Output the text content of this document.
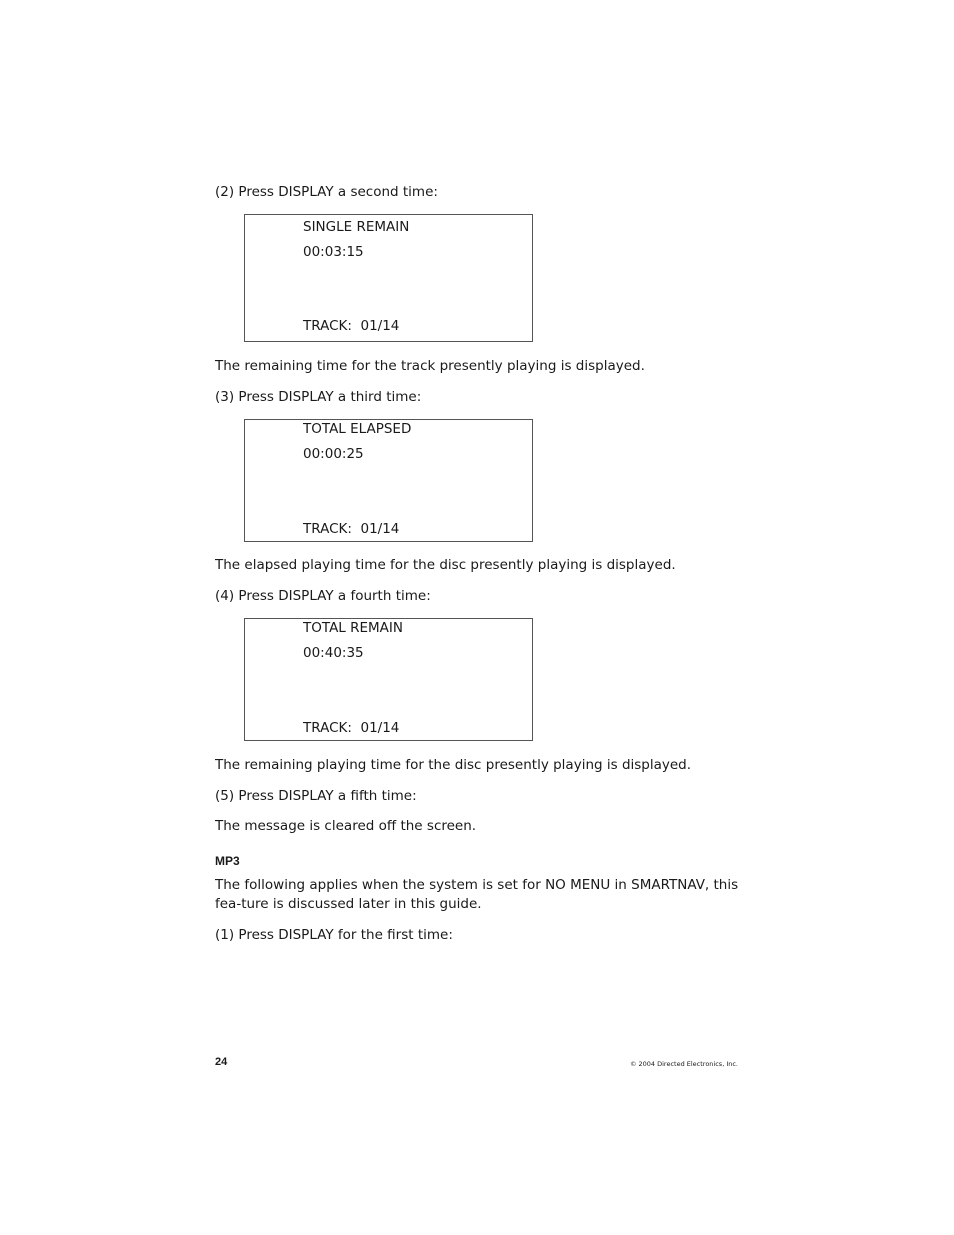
(2) Press DISPLAY a second time:

SINGLE REMAIN
00:03:15
TRACK:  01/14

The remaining time for the track presently playing is displayed.

(3) Press DISPLAY a third time:

TOTAL ELAPSED
00:00:25
TRACK:  01/14

The elapsed playing time for the disc presently playing is displayed.

(4) Press DISPLAY a fourth time:

TOTAL REMAIN
00:40:35
TRACK:  01/14

The remaining playing time for the disc presently playing is displayed.

(5) Press DISPLAY a fifth time:

The message is cleared off the screen.

MP3

The following applies when the system is set for NO MENU in SMARTNAV, this fea-ture is discussed later in this guide.

(1) Press DISPLAY for the first time:

24	© 2004 Directed Electronics, Inc.
